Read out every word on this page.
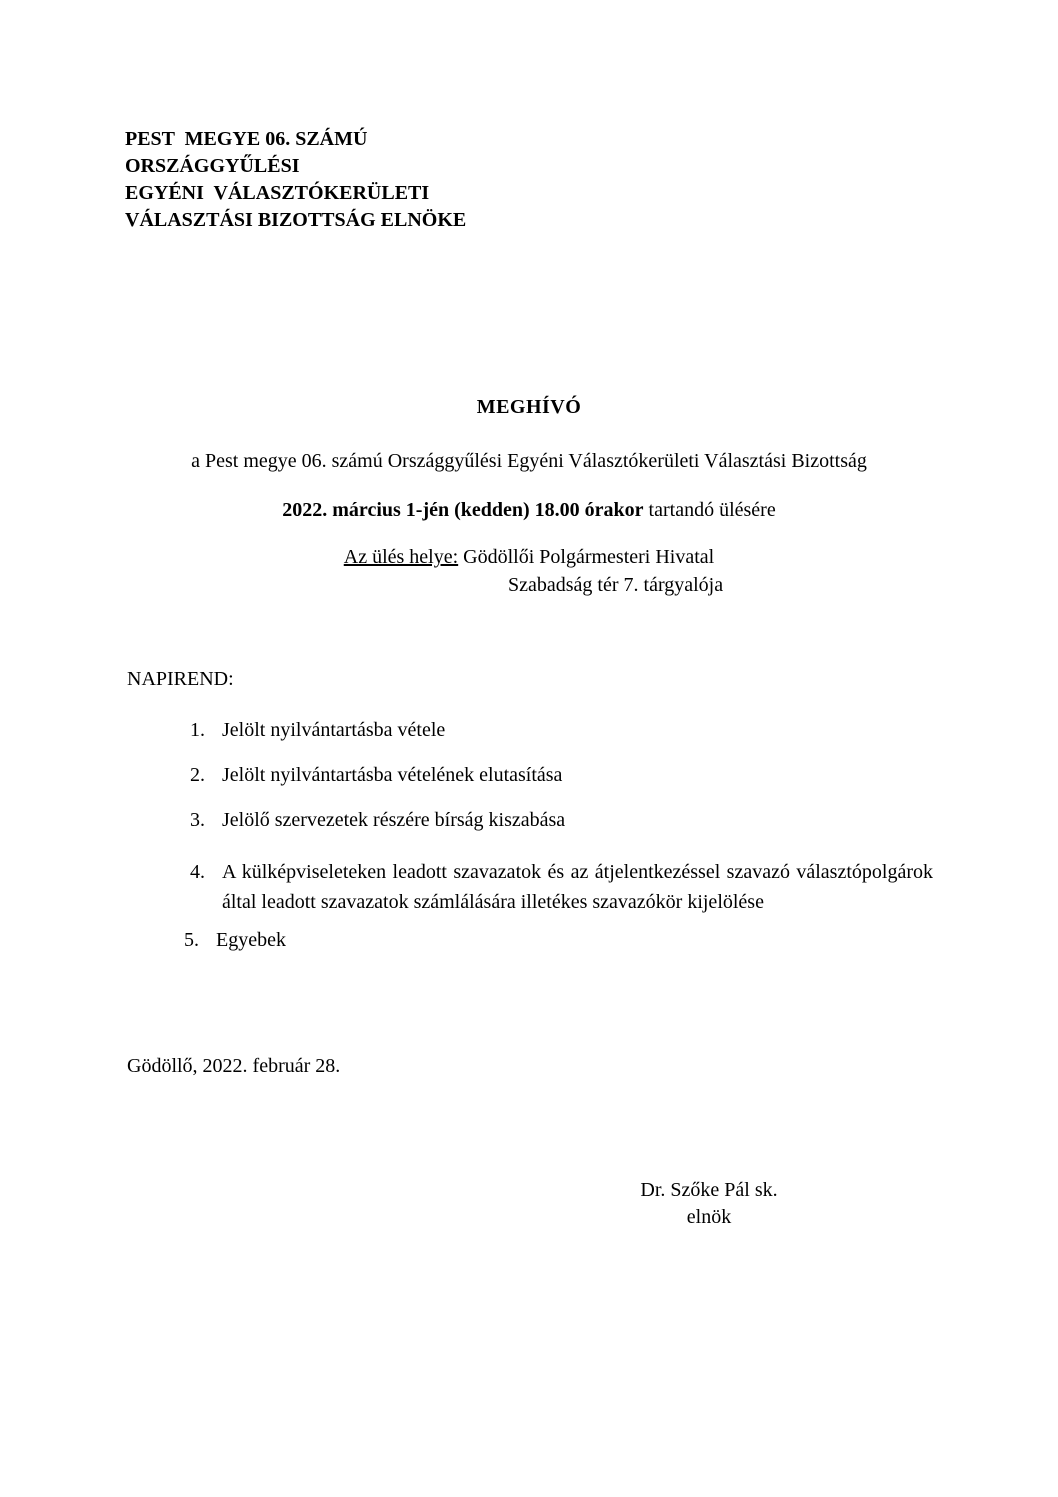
PEST  MEGYE 06. SZÁMÚ
ORSZÁGGYŰLÉSI
EGYÉNI  VÁLASZTÓKERÜLETI
VÁLASZTÁSI BIZOTTSÁG ELNÖKE
MEGHÍVÓ
a Pest megye 06. számú Országgyűlési Egyéni Választókerületi Választási Bizottság
2022. március 1-jén (kedden) 18.00 órakor tartandó ülésére
Az ülés helye: Gödöllői Polgármesteri Hivatal
Szabadság tér 7. tárgyalója
NAPIREND:
1. Jelölt nyilvántartásba vétele
2. Jelölt nyilvántartásba vételének elutasítása
3. Jelölő szervezetek részére bírság kiszabása
4. A külképviseleteken leadott szavazatok és az átjelentkezéssel szavazó választópolgárok által leadott szavazatok számlálására illetékes szavazókör kijelölése
5. Egyebek
Gödöllő, 2022. február 28.
Dr. Szőke Pál sk.
elnök
